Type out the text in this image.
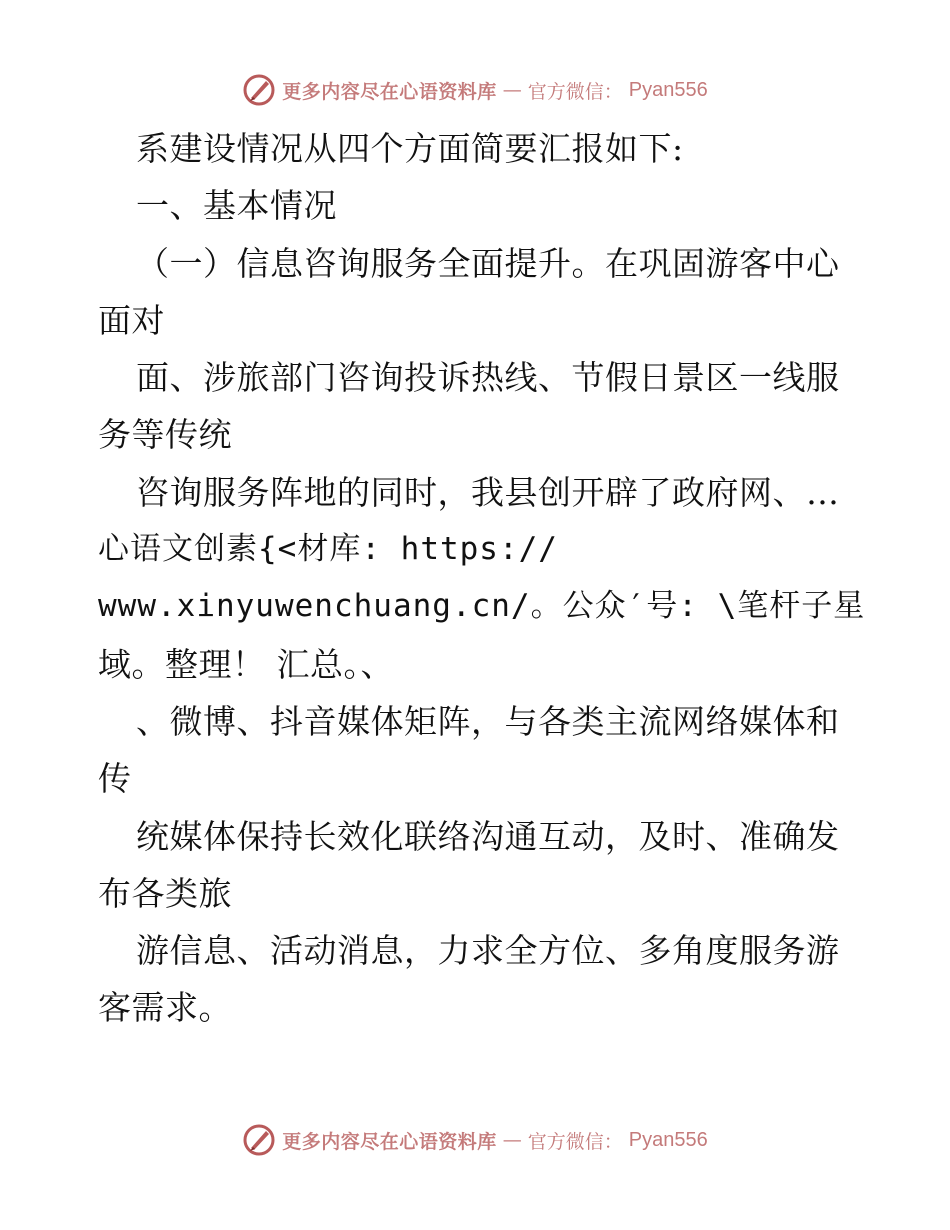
更多内容尽在心语资料库 — 官方微信： Pyan556
系建设情况从四个方面简要汇报如下:
一、基本情况
（一）信息咨询服务全面提升。在巩固游客中心
面对
面、涉旅部门咨询投诉热线、节假日景区一线服
务等传统
咨询服务阵地的同时，我县创开辟了政府网、…
心语文创素{<材库: https://
www.xinyuwenchuang.cn/。公众′号: \笔杆子星
域。整理！ 汇总。、
、微博、抖音媒体矩阵，与各类主流网络媒体和
传
统媒体保持长效化联络沟通互动，及时、准确发
布各类旅
游信息、活动消息，力求全方位、多角度服务游
客需求。
更多内容尽在心语资料库 — 官方微信： Pyan556
